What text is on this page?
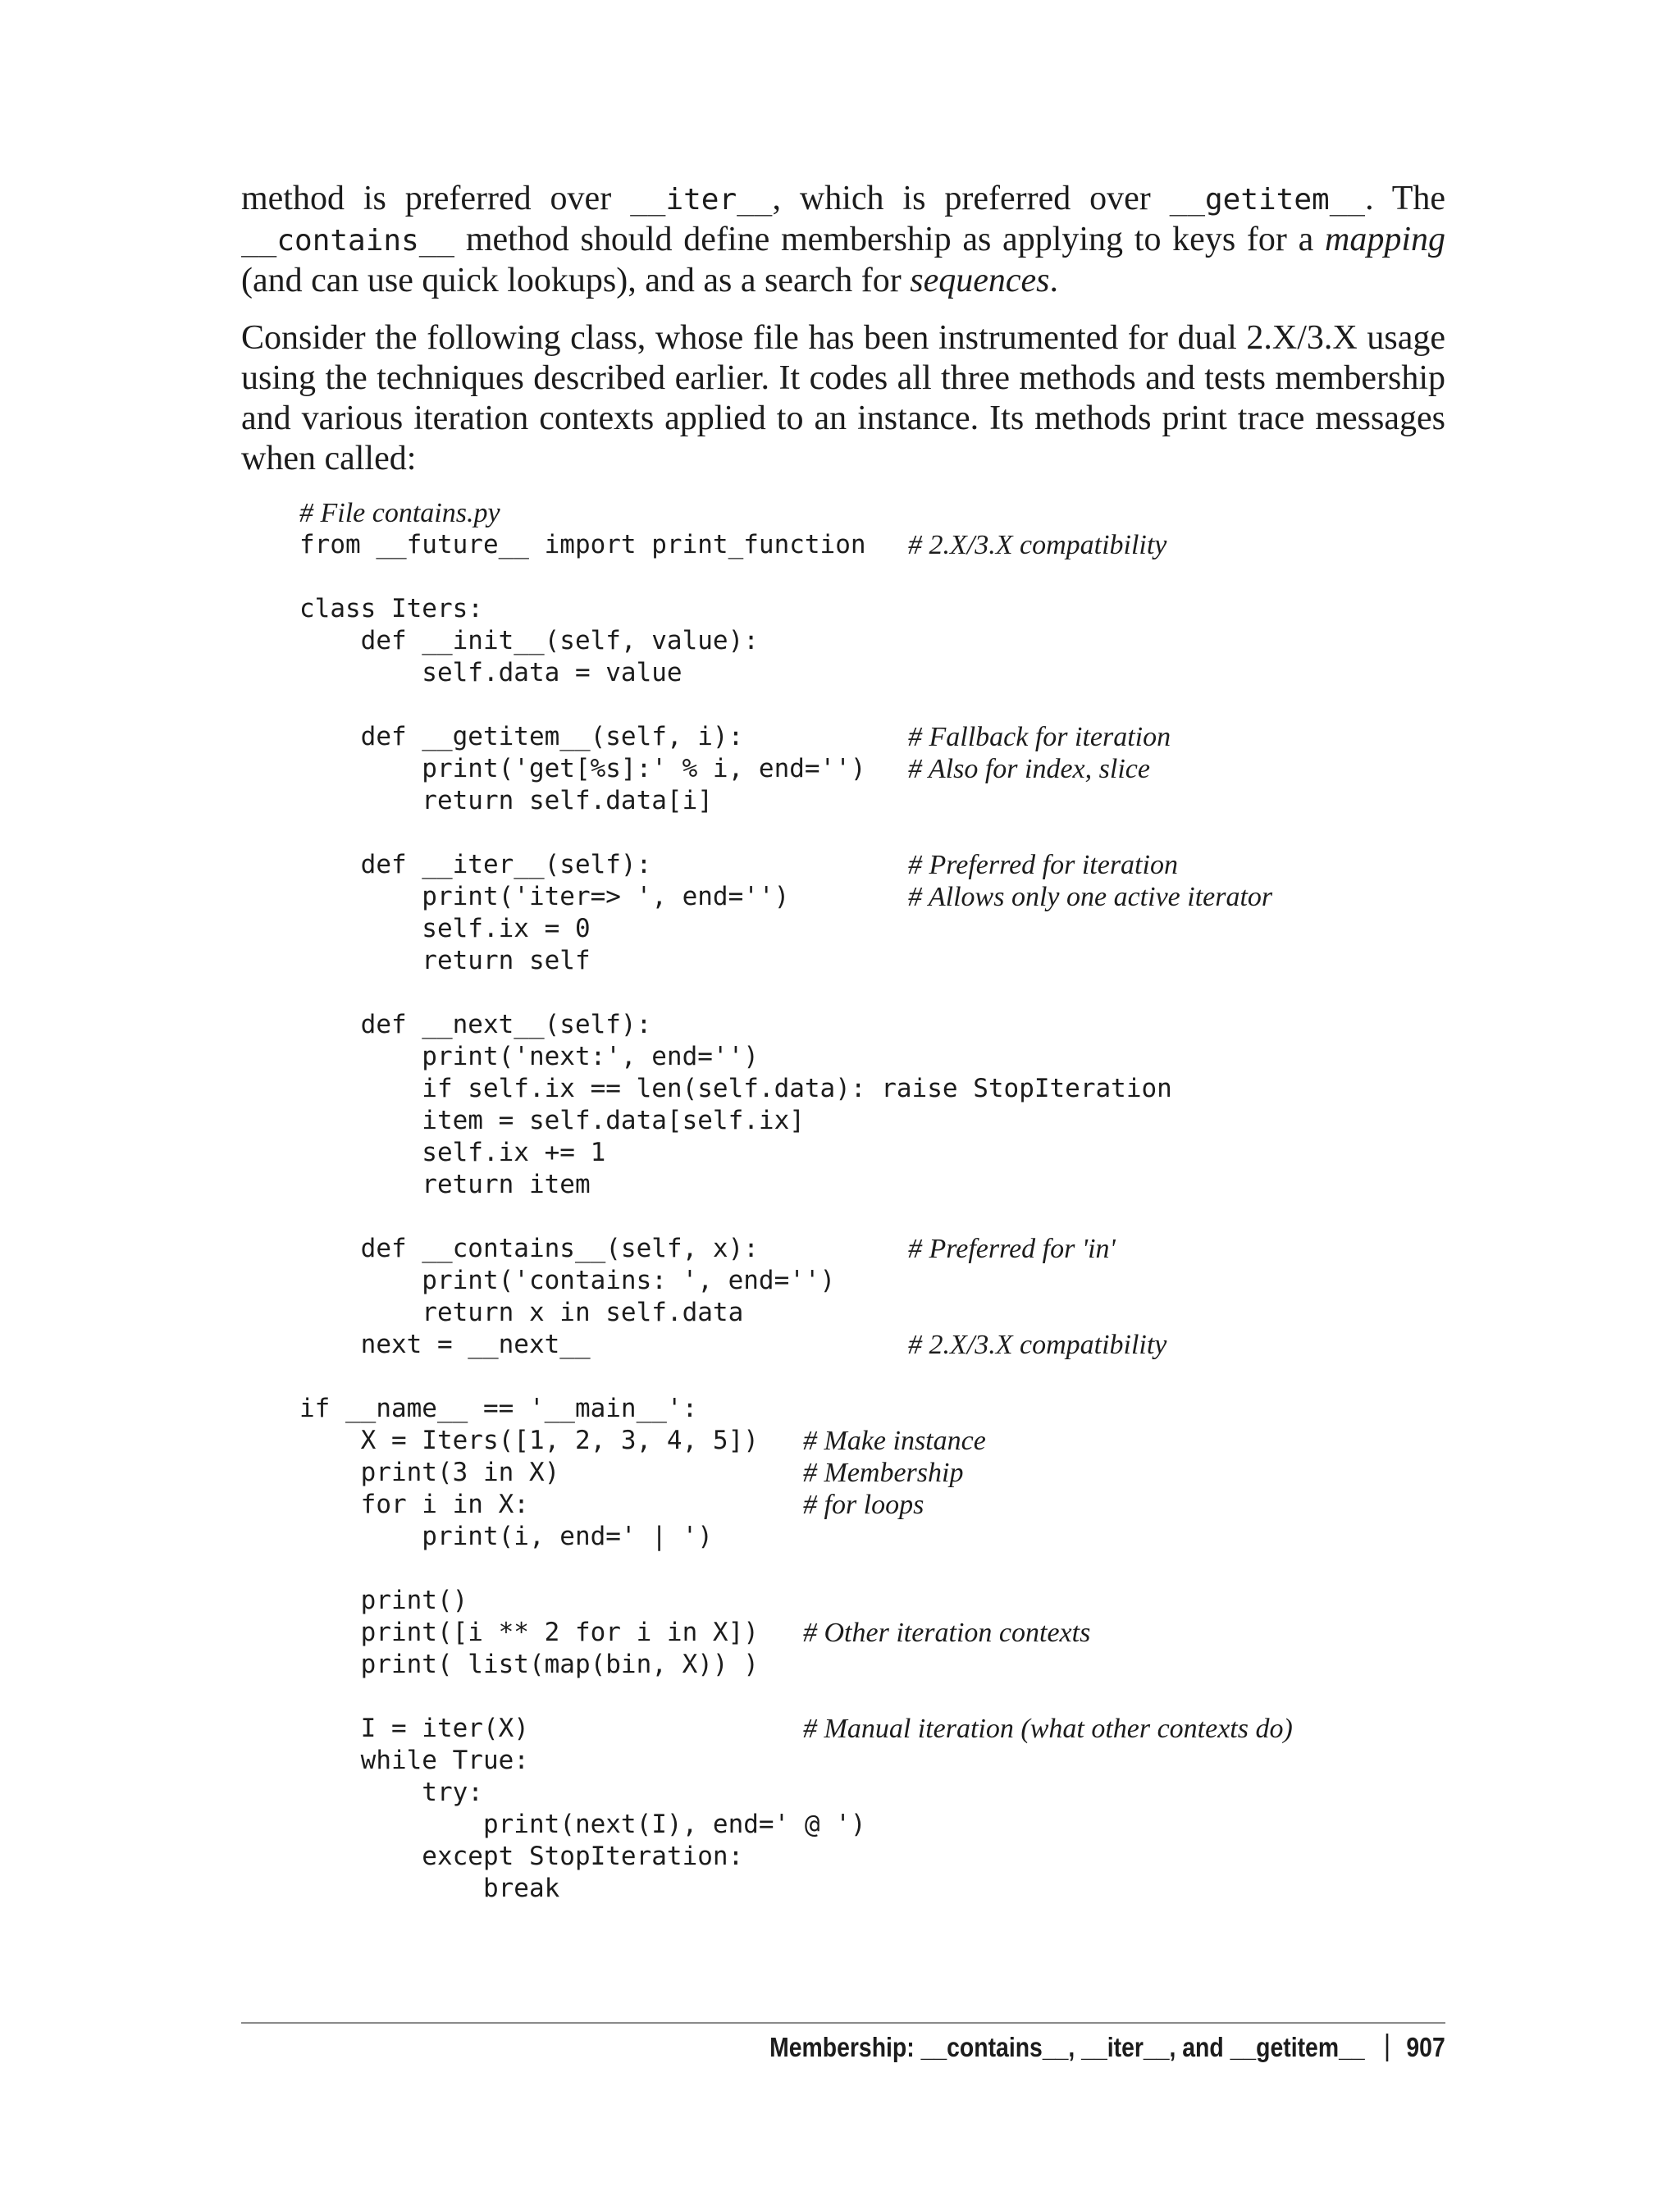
method is preferred over __iter__, which is preferred over __getitem__. The __contains__ method should define membership as applying to keys for a mapping (and can use quick lookups), and as a search for sequences.
Consider the following class, whose file has been instrumented for dual 2.X/3.X usage using the techniques described earlier. It codes all three methods and tests membership and various iteration contexts applied to an instance. Its methods print trace messages when called:
# File contains.py
from __future__ import print_function # 2.X/3.X compatibility
class Iters:
def __init__(self, value):
self.data = value
def __getitem__(self, i):	# Fallback for iteration
print('get[%s]:' % i, end='') # Also for index, slice
return self.data[i]
def __iter__(self):	# Preferred for iteration
print('iter=> ', end='')	# Allows only one active iterator
self.ix = 0
return self
def __next__(self):
print('next:', end='')
if self.ix == len(self.data): raise StopIteration
item = self.data[self.ix]
self.ix += 1
return item
def __contains__(self, x):	# Preferred for 'in'
print('contains: ', end='')
return x in self.data
next = __next__	# 2.X/3.X compatibility
if __name__ == '__main__':
X = Iters([1, 2, 3, 4, 5]) # Make instance
print(3 in X)	# Membership
for i in X:	# for loops
print(i, end=' | ')
print()
print([i ** 2 for i in X]) # Other iteration contexts
print( list(map(bin, X)) )
I = iter(X)	# Manual iteration (what other contexts do)
while True:
try:
print(next(I), end=' @ ')
except StopIteration:
break
Membership: __contains__, __iter__, and __getitem__ 907
